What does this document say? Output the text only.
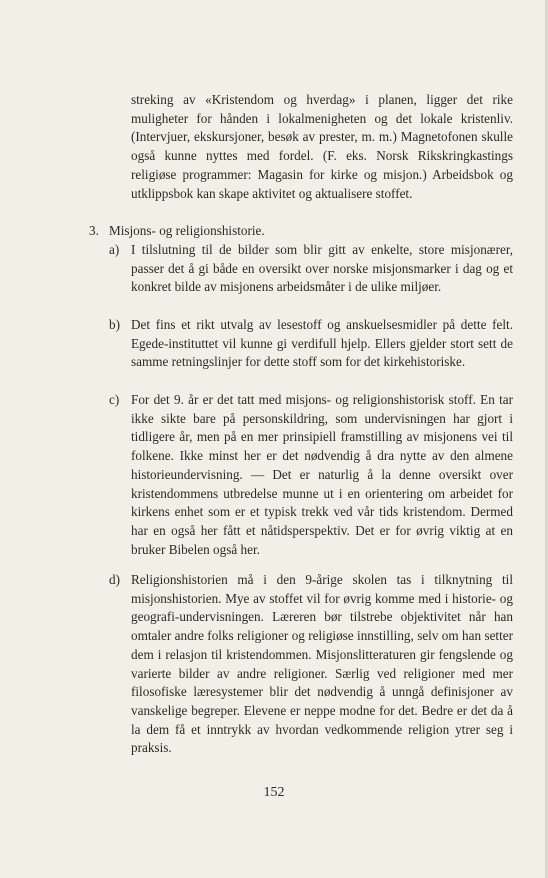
streking av «Kristendom og hverdag» i planen, ligger det rike muligheter for hånden i lokalmenigheten og det lokale kristenliv. (Intervjuer, ekskursjoner, besøk av prester, m. m.) Magnetofonen skulle også kunne nyttes med fordel. (F. eks. Norsk Rikskringkastings religiøse programmer: Magasin for kirke og misjon.) Arbeidsbok og utklippsbok kan skape aktivitet og aktualisere stoffet.
3. Misjons- og religionshistorie.
a) I tilslutning til de bilder som blir gitt av enkelte, store misjonærer, passer det å gi både en oversikt over norske misjonsmarker i dag og et konkret bilde av misjonens arbeidsmåter i de ulike miljøer.
b) Det fins et rikt utvalg av lesestoff og anskuelsesmidler på dette felt. Egede-instituttet vil kunne gi verdifull hjelp. Ellers gjelder stort sett de samme retningslinjer for dette stoff som for det kirkehistoriske.
c) For det 9. år er det tatt med misjons- og religionshistorisk stoff. En tar ikke sikte bare på personskildring, som undervisningen har gjort i tidligere år, men på en mer prinsipiell framstilling av misjonens vei til folkene. Ikke minst her er det nødvendig å dra nytte av den almene historieundervisning. — Det er naturlig å la denne oversikt over kristendommens utbredelse munne ut i en orientering om arbeidet for kirkens enhet som er et typisk trekk ved vår tids kristendom. Dermed har en også her fått et nåtidsperspektiv. Det er for øvrig viktig at en bruker Bibelen også her.
d) Religionshistorien må i den 9-årige skolen tas i tilknytning til misjonshistorien. Mye av stoffet vil for øvrig komme med i historie- og geografi-undervisningen. Læreren bør tilstrebe objektivitet når han omtaler andre folks religioner og religiøse innstilling, selv om han setter dem i relasjon til kristendommen. Misjonslitteraturen gir fengslende og varierte bilder av andre religioner. Særlig ved religioner med mer filosofiske læresystemer blir det nødvendig å unngå definisjoner av vanskelige begreper. Elevene er neppe modne for det. Bedre er det da å la dem få et inntrykk av hvordan vedkommende religion ytrer seg i praksis.
152
